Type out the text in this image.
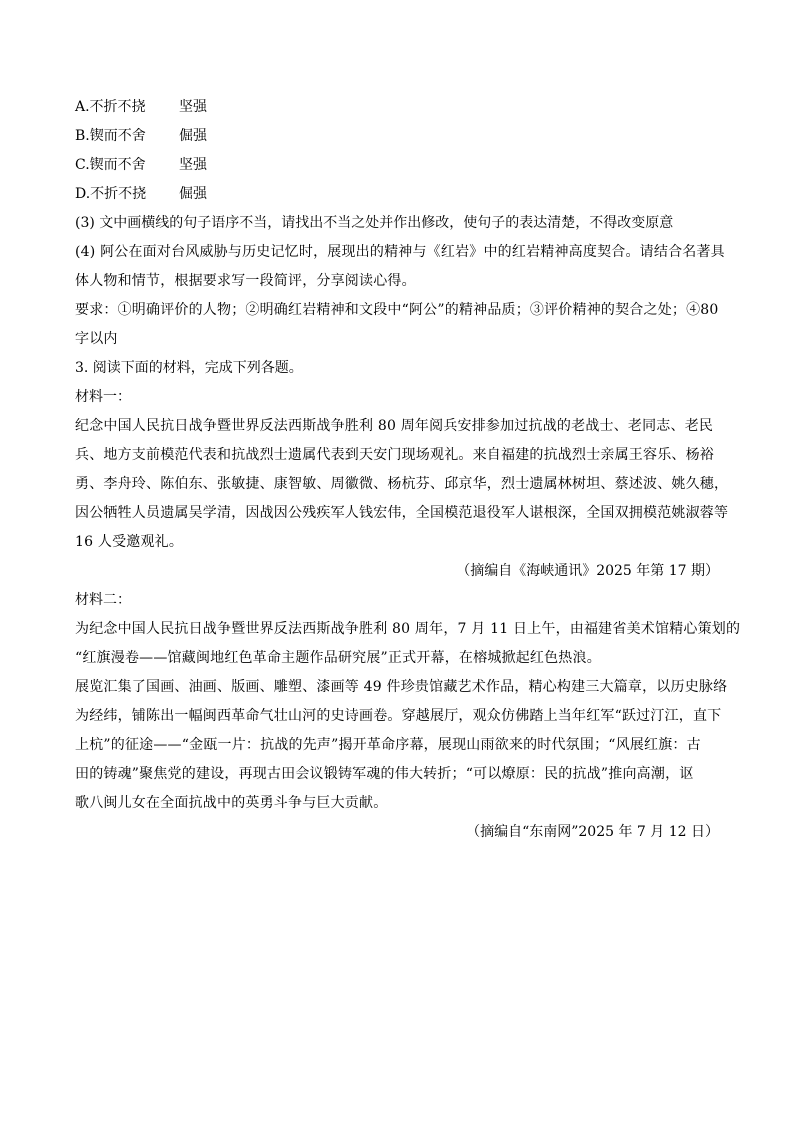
A.不折不挠 坚强
B.锲而不舍 倔强
C.锲而不舍 坚强
D.不折不挠 倔强
(3) 文中画横线的句子语序不当，请找出不当之处并作出修改，使句子的表达清楚，不得改变原意
(4) 阿公在面对台风威胁与历史记忆时，展现出的精神与《红岩》中的红岩精神高度契合。请结合名著具
体人物和情节，根据要求写一段简评，分享阅读心得。
要求：①明确评价的人物；②明确红岩精神和文段中“阿公”的精神品质；③评价精神的契合之处；④80
字以内
3. 阅读下面的材料，完成下列各题。
材料一：
纪念中国人民抗日战争暨世界反法西斯战争胜利 80 周年阅兵安排参加过抗战的老战士、老同志、老民
兵、地方支前模范代表和抗战烈士遗属代表到天安门现场观礼。来自福建的抗战烈士亲属王容乐、杨裕
勇、李舟玲、陈伯东、张敏捷、康智敏、周徽微、杨杭芬、邱京华，烈士遗属林树坦、蔡述波、姚久穗，
因公牺牲人员遗属吴学清，因战因公残疾军人钱宏伟，全国模范退役军人谌根深，全国双拥模范姚淑蓉等
16 人受邀观礼。
（摘编自《海峡通讯》2025 年第 17 期）
材料二：
为纪念中国人民抗日战争暨世界反法西斯战争胜利 80 周年，7 月 11 日上午，由福建省美术馆精心策划的
“红旗漫卷——馆藏闽地红色革命主题作品研究展”正式开幕，在榕城掀起红色热浪。
展览汇集了国画、油画、版画、雕塑、漆画等 49 件珍贵馆藏艺术作品，精心构建三大篇章，以历史脉络
为经纬，铺陈出一幅闽西革命气壮山河的史诗画卷。穿越展厅，观众仿佛踏上当年红军“跃过汀江，直下
上杭”的征途——“金瓯一片：抗战的先声”揭开革命序幕，展现山雨欲来的时代氛围；“风展红旗：古
田的铸魂”聚焦党的建设，再现古田会议锻铸军魂的伟大转折；“可以燎原：民的抗战”推向高潮，讴
歌八闽儿女在全面抗战中的英勇斗争与巨大贡献。
（摘编自“东南网”2025 年 7 月 12 日）
